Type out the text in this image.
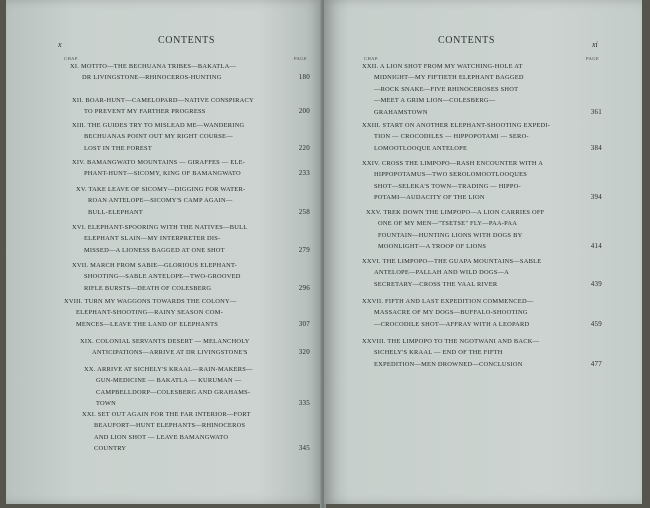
x	CONTENTS
CHAP.	PAGE
XI. MOTITO—THE BECHUANA TRIBES—BAKATLA—
DR LIVINGSTONE—RHINOCEROS-HUNTING	180
XII. BOAR-HUNT—CAMELOPARD—NATIVE CONSPIRACY
TO PREVENT MY FARTHER PROGRESS	200
XIII. THE GUIDES TRY TO MISLEAD ME—WANDERING
BECHUANAS POINT OUT MY RIGHT COURSE—
LOST IN THE FOREST	220
XIV. BAMANGWATO MOUNTAINS — GIRAFFES — ELE-
PHANT-HUNT—SICOMY, KING OF BAMANGWATO	233
XV. TAKE LEAVE OF SICOMY—DIGGING FOR WATER-
ROAN ANTELOPE—SICOMY'S CAMP AGAIN—
BULL-ELEPHANT	258
XVI. ELEPHANT-SPOORING WITH THE NATIVES—BULL
ELEPHANT SLAIN—MY INTERPRETER DIS-
MISSED—A LIONESS BAGGED AT ONE SHOT	279
XVII. MARCH FROM SABIE—GLORIOUS ELEPHANT-
SHOOTING—SABLE ANTELOPE—TWO-GROOVED
RIFLE BURSTS—DEATH OF COLESBERG	296
XVIII. TURN MY WAGGONS TOWARDS THE COLONY—
ELEPHANT-SHOOTING—RAINY SEASON COM-
MENCES—LEAVE THE LAND OF ELEPHANTS	307
XIX. COLONIAL SERVANTS DESERT — MELANCHOLY
ANTICIPATIONS—ARRIVE AT DR LIVINGSTONE'S	320
XX. ARRIVE AT SICHELY'S KRAAL—RAIN-MAKERS—
GUN-MEDICINE — BAKATLA — KURUMAN —
CAMPBELLDORP—COLESBERG AND GRAHAMS-
TOWN	335
XXI. SET OUT AGAIN FOR THE FAR INTERIOR—FORT
BEAUFORT—HUNT ELEPHANTS—RHINOCEROS
AND LION SHOT — LEAVE BAMANGWATO
COUNTRY	345
CONTENTS	xi
CHAP.	PAGE
XXII. A LION SHOT FROM MY WATCHING-HOLE AT
MIDNIGHT—MY FIFTIETH ELEPHANT BAGGED
—ROCK SNAKE—FIVE RHINOCEROSES SHOT
—MEET A GRIM LION—COLESBERG—
GRAHAMSTOWN	361
XXIII. START ON ANOTHER ELEPHANT-SHOOTING EXPEDI-
TION — CROCODILES — HIPPOPOTAMI — SERO-
LOMOOTLOOQUE ANTELOPE	384
XXIV. CROSS THE LIMPOPO—RASH ENCOUNTER WITH A
HIPPOPOTAMUS—TWO SEROLOMOOTLOOQUES
SHOT—SELEKA'S TOWN—TRADING — HIPPO-
POTAMI—AUDACITY OF THE LION	394
XXV. TREK DOWN THE LIMPOPO—A LION CARRIES OFF
ONE OF MY MEN—"TSETSE" FLY—PAA-PAA
FOUNTAIN—HUNTING LIONS WITH DOGS BY
MOONLIGHT—A TROOP OF LIONS	414
XXVI. THE LIMPOPO—THE GUAPA MOUNTAINS—SABLE
ANTELOPE—PALLAH AND WILD DOGS—A
SECRETARY—CROSS THE VAAL RIVER	439
XXVII. FIFTH AND LAST EXPEDITION COMMENCED—
MASSACRE OF MY DOGS—BUFFALO-SHOOTING
—CROCODILE SHOT—AFFRAY WITH A LEOPARD	459
XXVIII. THE LIMPOPO TO THE NGOTWANI AND BACK—
SICHELY'S KRAAL — END OF THE FIFTH
EXPEDITION—MEN DROWNED—CONCLUSION	477
